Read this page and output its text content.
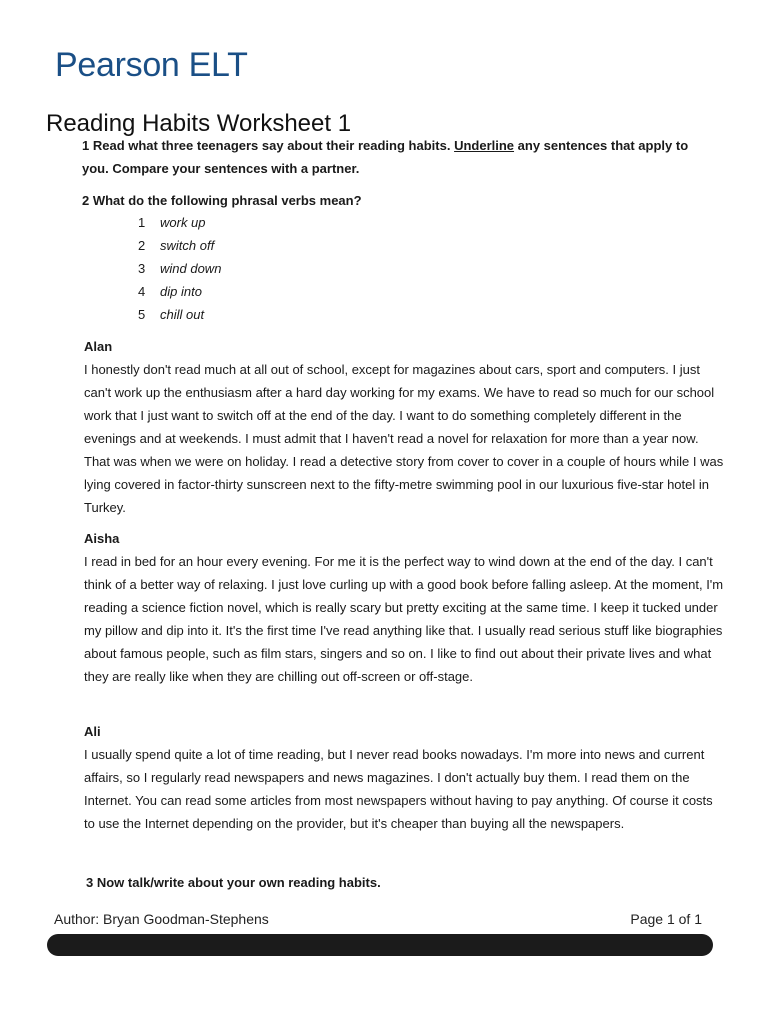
Pearson ELT
Reading Habits Worksheet 1
1 Read what three teenagers say about their reading habits. Underline any sentences that apply to you. Compare your sentences with a partner.
2 What do the following phrasal verbs mean?
1 work up
2 switch off
3 wind down
4 dip into
5 chill out
Alan

I honestly don't read much at all out of school, except for magazines about cars, sport and computers. I just can't work up the enthusiasm after a hard day working for my exams. We have to read so much for our school work that I just want to switch off at the end of the day. I want to do something completely different in the evenings and at weekends. I must admit that I haven't read a novel for relaxation for more than a year now. That was when we were on holiday. I read a detective story from cover to cover in a couple of hours while I was lying covered in factor-thirty sunscreen next to the fifty-metre swimming pool in our luxurious five-star hotel in Turkey.

Aisha

I read in bed for an hour every evening. For me it is the perfect way to wind down at the end of the day. I can't think of a better way of relaxing. I just love curling up with a good book before falling asleep. At the moment, I'm reading a science fiction novel, which is really scary but pretty exciting at the same time. I keep it tucked under my pillow and dip into it. It's the first time I've read anything like that. I usually read serious stuff like biographies about famous people, such as film stars, singers and so on. I like to find out about their private lives and what they are really like when they are chilling out off-screen or off-stage.

Ali

I usually spend quite a lot of time reading, but I never read books nowadays. I'm more into news and current affairs, so I regularly read newspapers and news magazines. I don't actually buy them. I read them on the Internet. You can read some articles from most newspapers without having to pay anything. Of course it costs to use the Internet depending on the provider, but it's cheaper than buying all the newspapers.

3 Now talk/write about your own reading habits.
Author: Bryan Goodman-Stephens	Page 1 of 1
